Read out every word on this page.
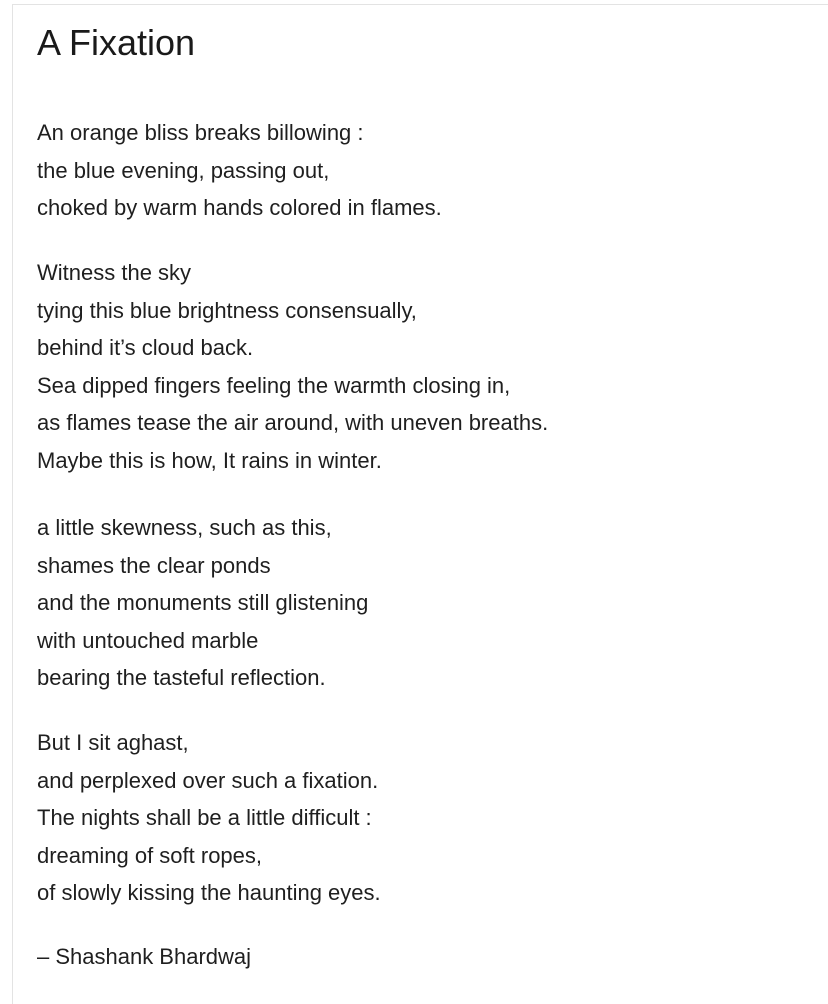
A Fixation
An orange bliss breaks billowing :
the blue evening, passing out,
choked by warm hands colored in flames.
Witness the sky
tying this blue brightness consensually,
behind it’s cloud back.
Sea dipped fingers feeling the warmth closing in,
as flames tease the air around, with uneven breaths.
Maybe this is how, It rains in winter.
a little skewness, such as this,
shames the clear ponds
and the monuments still glistening
with untouched marble
bearing the tasteful reflection.
But I sit aghast,
and perplexed over such a fixation.
The nights shall be a little difficult :
dreaming of soft ropes,
of slowly kissing the haunting eyes.
– Shashank Bhardwaj
